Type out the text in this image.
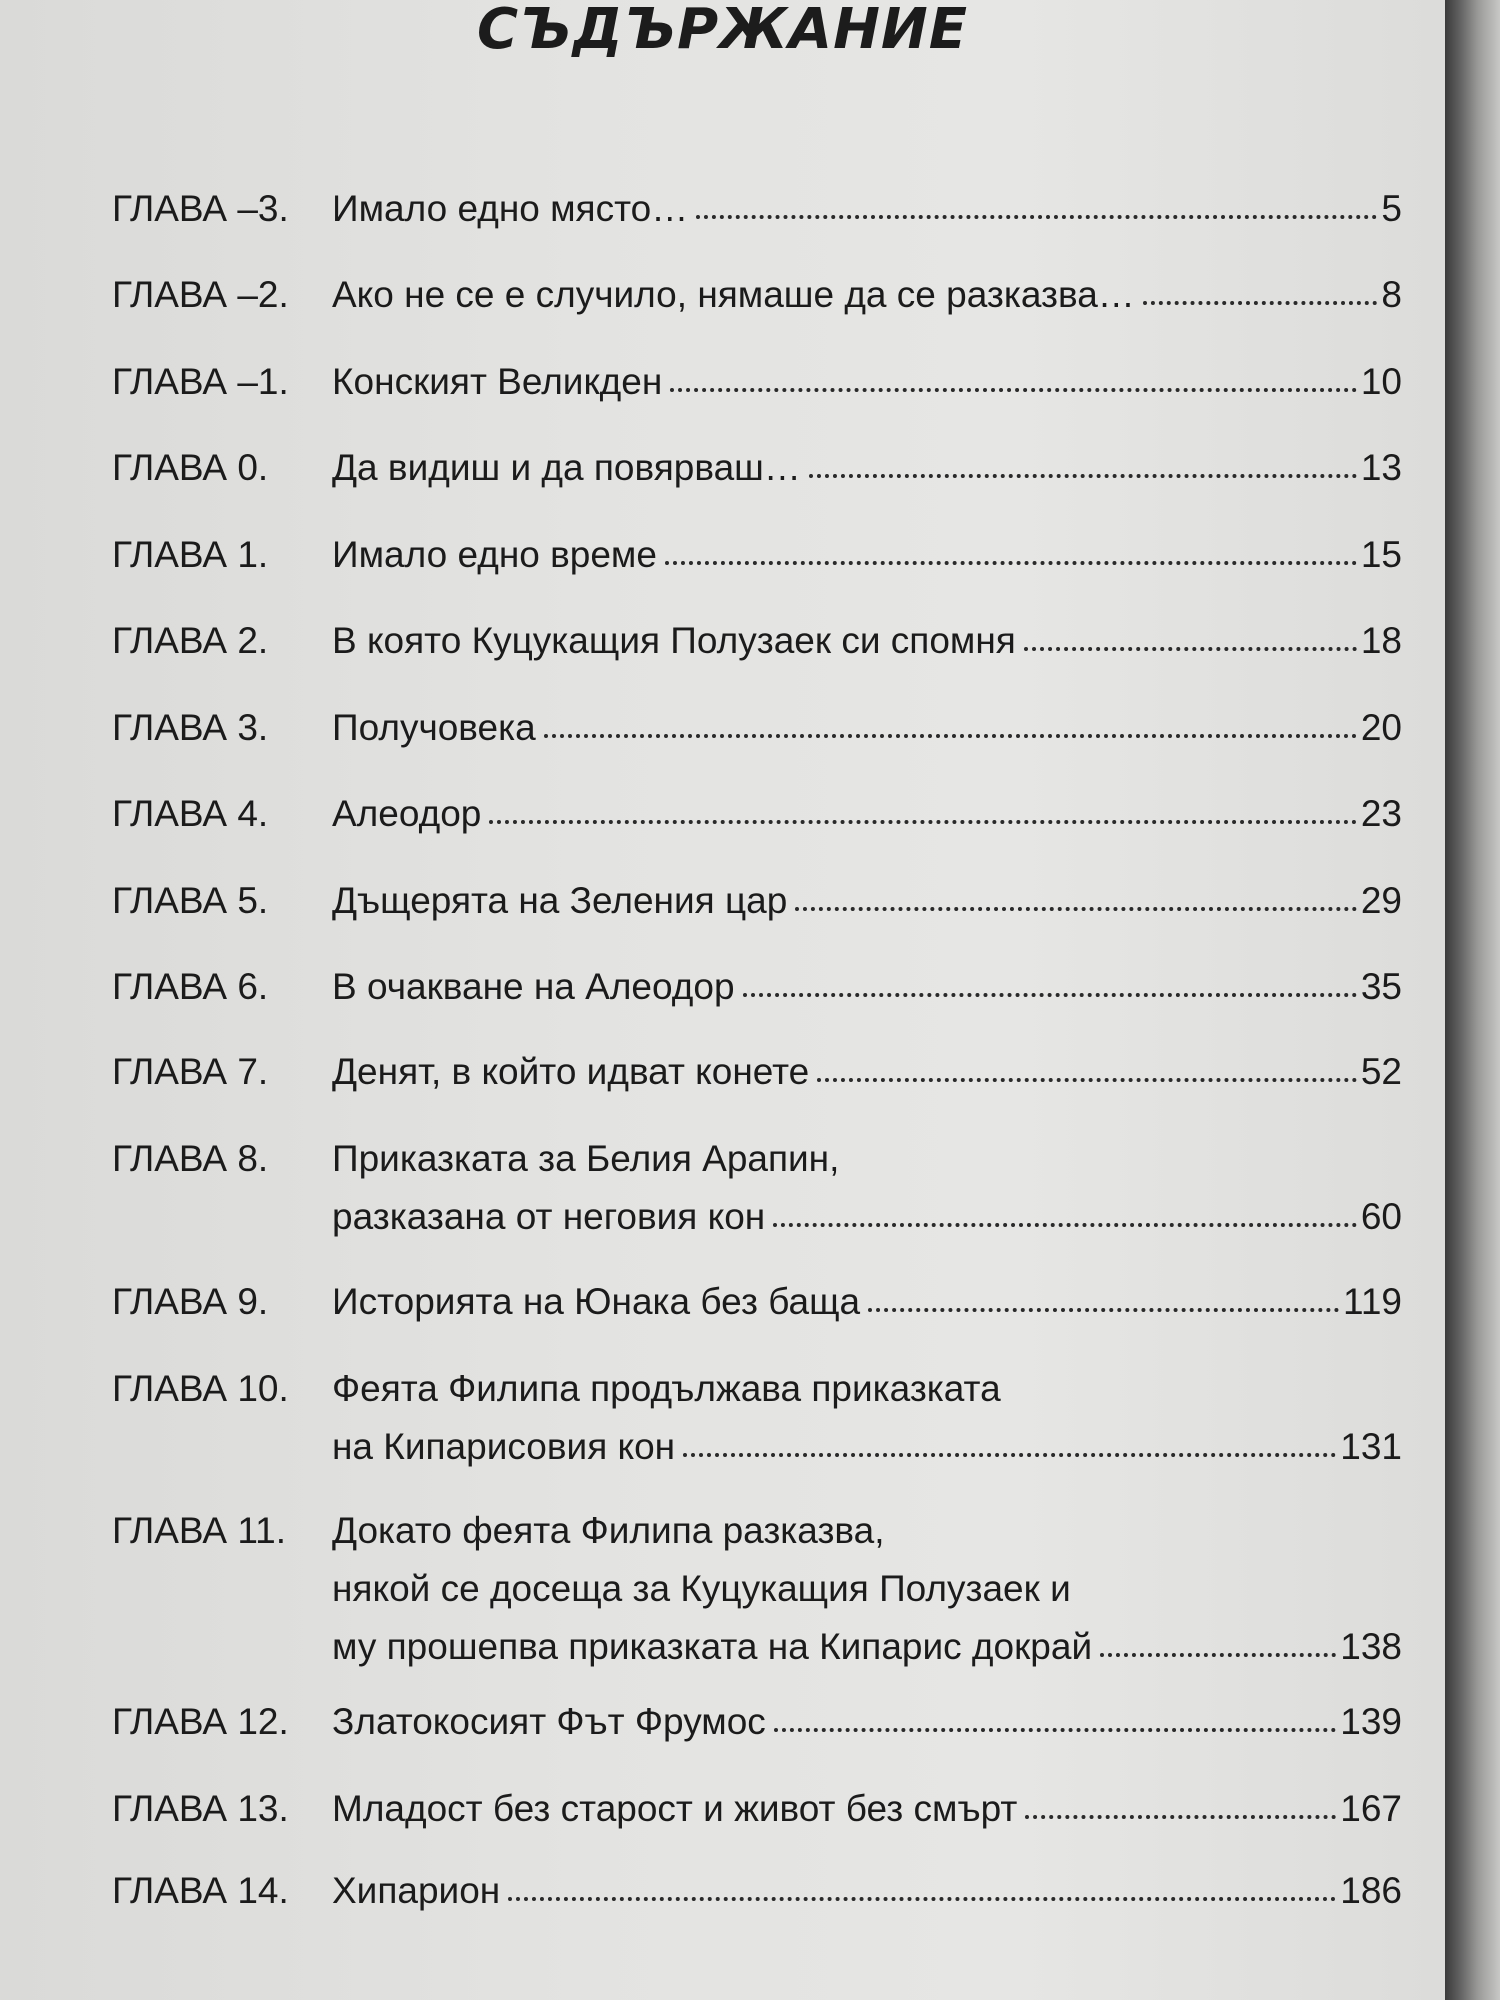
СЪДЪРЖАНИЕ
ГЛАВА –3.	Имало едно място…	5
ГЛАВА –2.	Ако не се е случило, нямаше да се разказва…	8
ГЛАВА –1.	Конският Великден	10
ГЛАВА 0.	Да видиш и да повярваш…	13
ГЛАВА 1.	Имало едно време	15
ГЛАВА 2.	В която Куцукащия Полузаек си спомня	18
ГЛАВА 3.	Получовека	20
ГЛАВА 4.	Алеодор	23
ГЛАВА 5.	Дъщерята на Зеления цар	29
ГЛАВА 6.	В очакване на Алеодор	35
ГЛАВА 7.	Денят, в който идват конете	52
ГЛАВА 8.	Приказката за Белия Арапин,
разказана от неговия кон	60
ГЛАВА 9.	Историята на Юнака без баща	119
ГЛАВА 10.	Феята Филипа продължава приказката
на Кипарисовия кон	131
ГЛАВА 11.	Докато феята Филипа разказва,
някой се досеща за Куцукащия Полузаек и
му прошепва приказката на Кипарис докрай	138
ГЛАВА 12.	Златокосият Фът Фрумос	139
ГЛАВА 13.	Младост без старост и живот без смърт	167
ГЛАВА 14.	Хипарион	186
